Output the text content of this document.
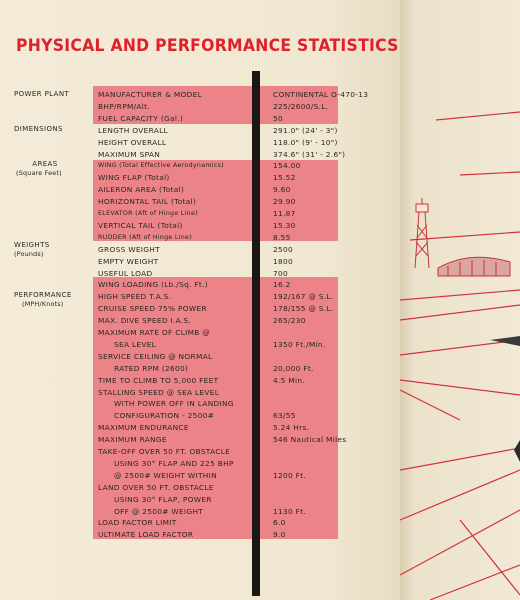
PHYSICAL AND PERFORMANCE STATISTICS
POWER PLANT
DIMENSIONS
AREAS
(Square Feet)
WEIGHTS
(Pounds)
PERFORMANCE
(MPH/Knots)
MANUFACTURER & MODEL	CONTINENTAL O-470-13
BHP/RPM/Alt.	225/2600/S.L.
FUEL CAPACITY (Gal.)	50
LENGTH OVERALL	291.0" (24' - 3")
HEIGHT OVERALL	118.0" (9' - 10")
MAXIMUM SPAN	374.6" (31' - 2.6")
WING (Total Effective Aerodynamics)	154.00
WING FLAP (Total)	15.52
AILERON AREA (Total)	9.60
HORIZONTAL TAIL (Total)	29.90
ELEVATOR (Aft of Hinge Line)	11.87
VERTICAL TAIL (Total)	15.30
RUDDER (Aft of Hinge Line)	8.55
GROSS WEIGHT	2500
EMPTY WEIGHT	1800
USEFUL LOAD	700
WING LOADING (Lb./Sq. Ft.)	16.2
HIGH SPEED T.A.S.	192/167 @ S.L.
CRUISE SPEED 75% POWER	178/155 @ S.L.
MAX. DIVE SPEED I.A.S.	265/230
MAXIMUM RATE OF CLIMB @
SEA LEVEL	1350 Ft./Min.
SERVICE CEILING @ NORMAL
RATED RPM (2600)	20,000 Ft.
TIME TO CLIMB TO 5,000 FEET	4.5 Min.
STALLING SPEED @ SEA LEVEL
WITH POWER OFF IN LANDING
CONFIGURATION - 2500#	63/55
MAXIMUM ENDURANCE	5.24 Hrs.
MAXIMUM RANGE	546 Nautical Miles
TAKE-OFF OVER 50 FT. OBSTACLE
USING 30° FLAP AND 225 BHP
@ 2500# WEIGHT WITHIN	1200 Ft.
LAND OVER 50 FT. OBSTACLE
USING 30° FLAP, POWER
OFF @ 2500# WEIGHT	1130 Ft.
LOAD FACTOR LIMIT	6.0
ULTIMATE LOAD FACTOR	9.0
